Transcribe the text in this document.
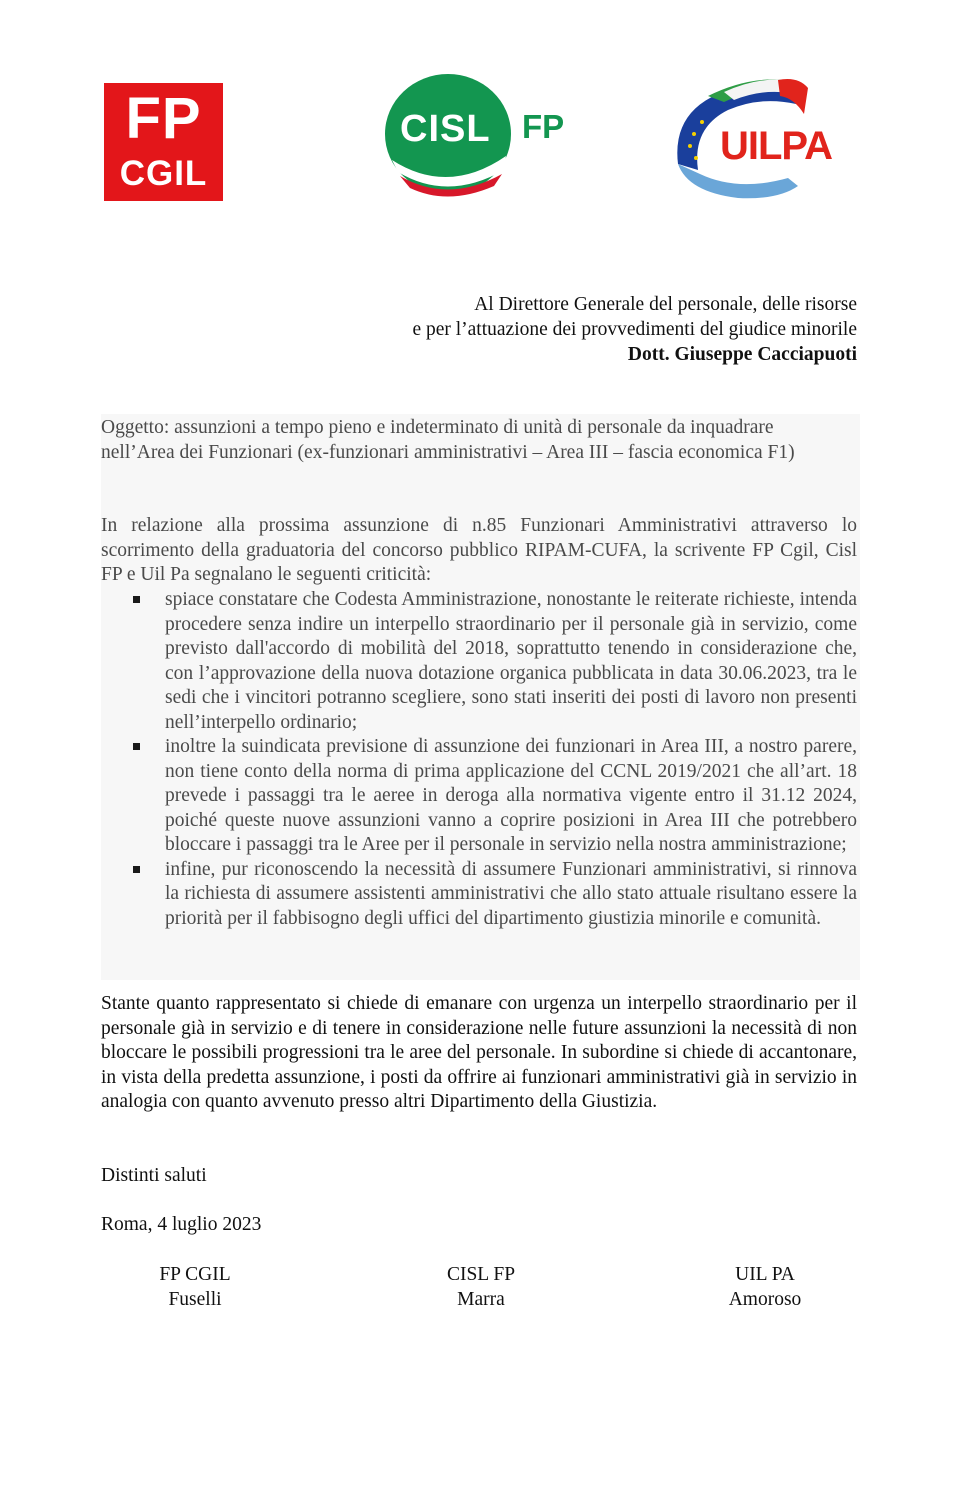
FP
CGIL
CISL FP	UILPA
Al Direttore Generale del personale, delle risorse
e per l’attuazione dei provvedimenti del giudice minorile
Dott. Giuseppe Cacciapuoti
Oggetto: assunzioni a tempo pieno e indeterminato di unità di personale da inquadrare nell’Area dei Funzionari (ex-funzionari amministrativi – Area III – fascia economica F1)
In relazione alla prossima assunzione di n.85 Funzionari Amministrativi attraverso lo scorrimento della graduatoria del concorso pubblico RIPAM-CUFA, la scrivente FP Cgil, Cisl FP e Uil Pa segnalano le seguenti criticità:
spiace constatare che Codesta Amministrazione, nonostante le reiterate richieste, intenda procedere senza indire un interpello straordinario per il personale già in servizio, come previsto dall'accordo di mobilità del 2018, soprattutto tenendo in considerazione che, con l’approvazione della nuova dotazione organica pubblicata in data 30.06.2023, tra le sedi che i vincitori potranno scegliere, sono stati inseriti dei posti di lavoro non presenti nell’interpello ordinario;
inoltre la suindicata previsione di assunzione dei funzionari in Area III, a nostro parere, non tiene conto della norma di prima applicazione del CCNL 2019/2021 che all’art. 18 prevede i passaggi tra le aeree in deroga alla normativa vigente entro il 31.12 2024, poiché queste nuove assunzioni vanno a coprire posizioni in Area III che potrebbero bloccare i passaggi tra le Aree per il personale in servizio nella nostra amministrazione;
infine, pur riconoscendo la necessità di assumere Funzionari amministrativi, si rinnova la richiesta di assumere assistenti amministrativi che allo stato attuale risultano essere la priorità per il fabbisogno degli uffici del dipartimento giustizia minorile e comunità.
Stante quanto rappresentato si chiede di emanare con urgenza un interpello straordinario per il personale già in servizio e di tenere in considerazione nelle future assunzioni la necessità di non bloccare le possibili progressioni tra le aree del personale. In subordine si chiede di accantonare, in vista della predetta assunzione, i posti da offrire ai funzionari amministrativi già in servizio in analogia con quanto avvenuto presso altri Dipartimento della Giustizia.
Distinti saluti
Roma, 4 luglio 2023
FP CGIL
Fuselli
CISL FP
Marra
UIL PA
Amoroso
